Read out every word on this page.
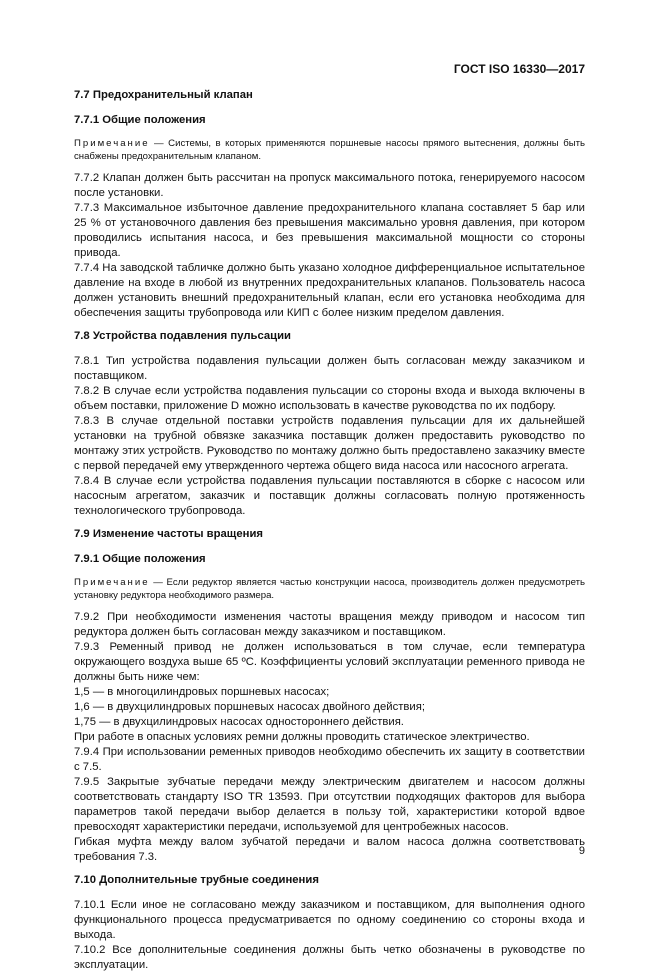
ГОСТ ISO 16330—2017
7.7 Предохранительный клапан
7.7.1 Общие положения
Примечание — Системы, в которых применяются поршневые насосы прямого вытеснения, должны быть снабжены предохранительным клапаном.

7.7.2 Клапан должен быть рассчитан на пропуск максимального потока, генерируемого насосом после установки.

7.7.3 Максимальное избыточное давление предохранительного клапана составляет 5 бар или 25 % от установочного давления без превышения максимально уровня давления, при котором проводились испытания насоса, и без превышения максимальной мощности со стороны привода.

7.7.4 На заводской табличке должно быть указано холодное дифференциальное испытательное давление на входе в любой из внутренних предохранительных клапанов. Пользователь насоса должен установить внешний предохранительный клапан, если его установка необходима для обеспечения защиты трубопровода или КИП с более низким пределом давления.

7.8 Устройства подавления пульсации

7.8.1 Тип устройства подавления пульсации должен быть согласован между заказчиком и поставщиком.

7.8.2 В случае если устройства подавления пульсации со стороны входа и выхода включены в объем поставки, приложение D можно использовать в качестве руководства по их подбору.

7.8.3 В случае отдельной поставки устройств подавления пульсации для их дальнейшей установки на трубной обвязке заказчика поставщик должен предоставить руководство по монтажу этих устройств. Руководство по монтажу должно быть предоставлено заказчику вместе с первой передачей ему утвержденного чертежа общего вида насоса или насосного агрегата.

7.8.4 В случае если устройства подавления пульсации поставляются в сборке с насосом или насосным агрегатом, заказчик и поставщик должны согласовать полную протяженность технологического трубопровода.

7.9 Изменение частоты вращения
7.9.1 Общие положения
Примечание — Если редуктор является частью конструкции насоса, производитель должен предусмотреть установку редуктора необходимого размера.

7.9.2 При необходимости изменения частоты вращения между приводом и насосом тип редуктора должен быть согласован между заказчиком и поставщиком.

7.9.3 Ременный привод не должен использоваться в том случае, если температура окружающего воздуха выше 65 ºС. Коэффициенты условий эксплуатации ременного привода не должны быть ниже чем:

1,5 — в многоцилиндровых поршневых насосах;

1,6 — в двухцилиндровых поршневых насосах двойного действия;

1,75 — в двухцилиндровых насосах одностороннего действия.

При работе в опасных условиях ремни должны проводить статическое электричество.

7.9.4 При использовании ременных приводов необходимо обеспечить их защиту в соответствии с 7.5.

7.9.5 Закрытые зубчатые передачи между электрическим двигателем и насосом должны соответствовать стандарту ISO TR 13593. При отсутствии подходящих факторов для выбора параметров такой передачи выбор делается в пользу той, характеристики которой вдвое превосходят характеристики передачи, используемой для центробежных насосов.

Гибкая муфта между валом зубчатой передачи и валом насоса должна соответствовать требования 7.3.

7.10 Дополнительные трубные соединения

7.10.1 Если иное не согласовано между заказчиком и поставщиком, для выполнения одного функционального процесса предусматривается по одному соединению со стороны входа и выхода.

7.10.2 Все дополнительные соединения должны быть четко обозначены в руководстве по эксплуатации.

9
